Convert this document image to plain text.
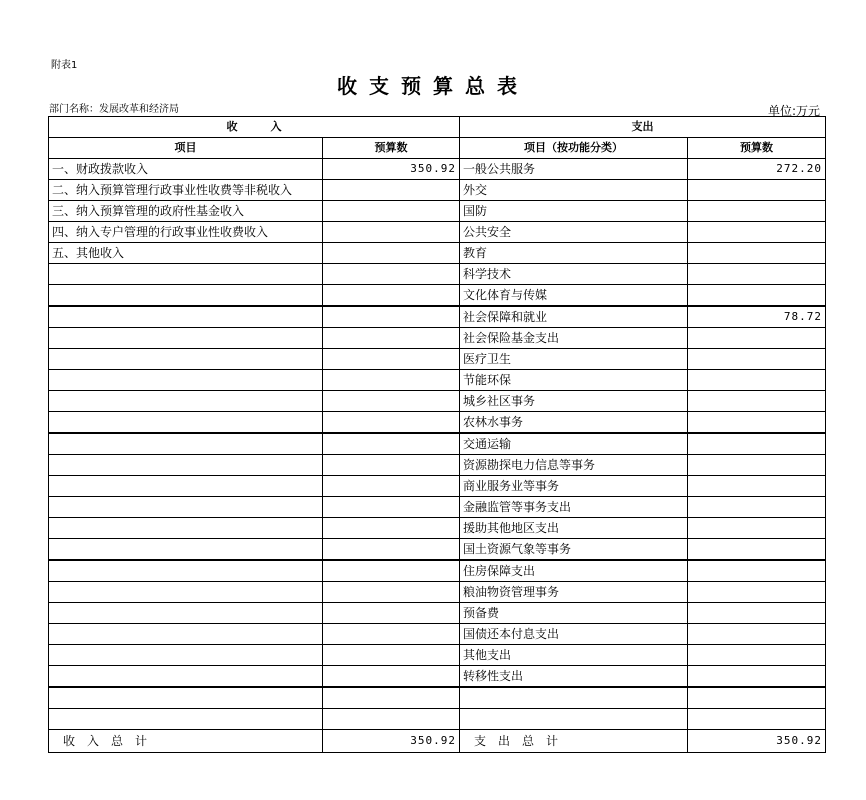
附表1
收支预算总表
部门名称：发展改革和经济局	单位:万元
收　　　入		支出	
项目	预算数	项目（按功能分类）	预算数
一、财政拨款收入	350.92	一般公共服务	272.20
二、纳入预算管理行政事业性收费等非税收入		外交	
三、纳入预算管理的政府性基金收入		国防	
四、纳入专户管理的行政事业性收费收入		公共安全	
五、其他收入		教育	
		科学技术	
		文化体育与传媒	
		社会保障和就业	78.72
		社会保险基金支出	
		医疗卫生	
		节能环保	
		城乡社区事务	
		农林水事务	
		交通运输	
		资源勘探电力信息等事务	
		商业服务业等事务	
		金融监管等事务支出	
		援助其他地区支出	
		国土资源气象等事务	
		住房保障支出	
		粮油物资管理事务	
		预备费	
		国债还本付息支出	
		其他支出	
		转移性支出	

收入总计	350.92	支出总计	350.92
